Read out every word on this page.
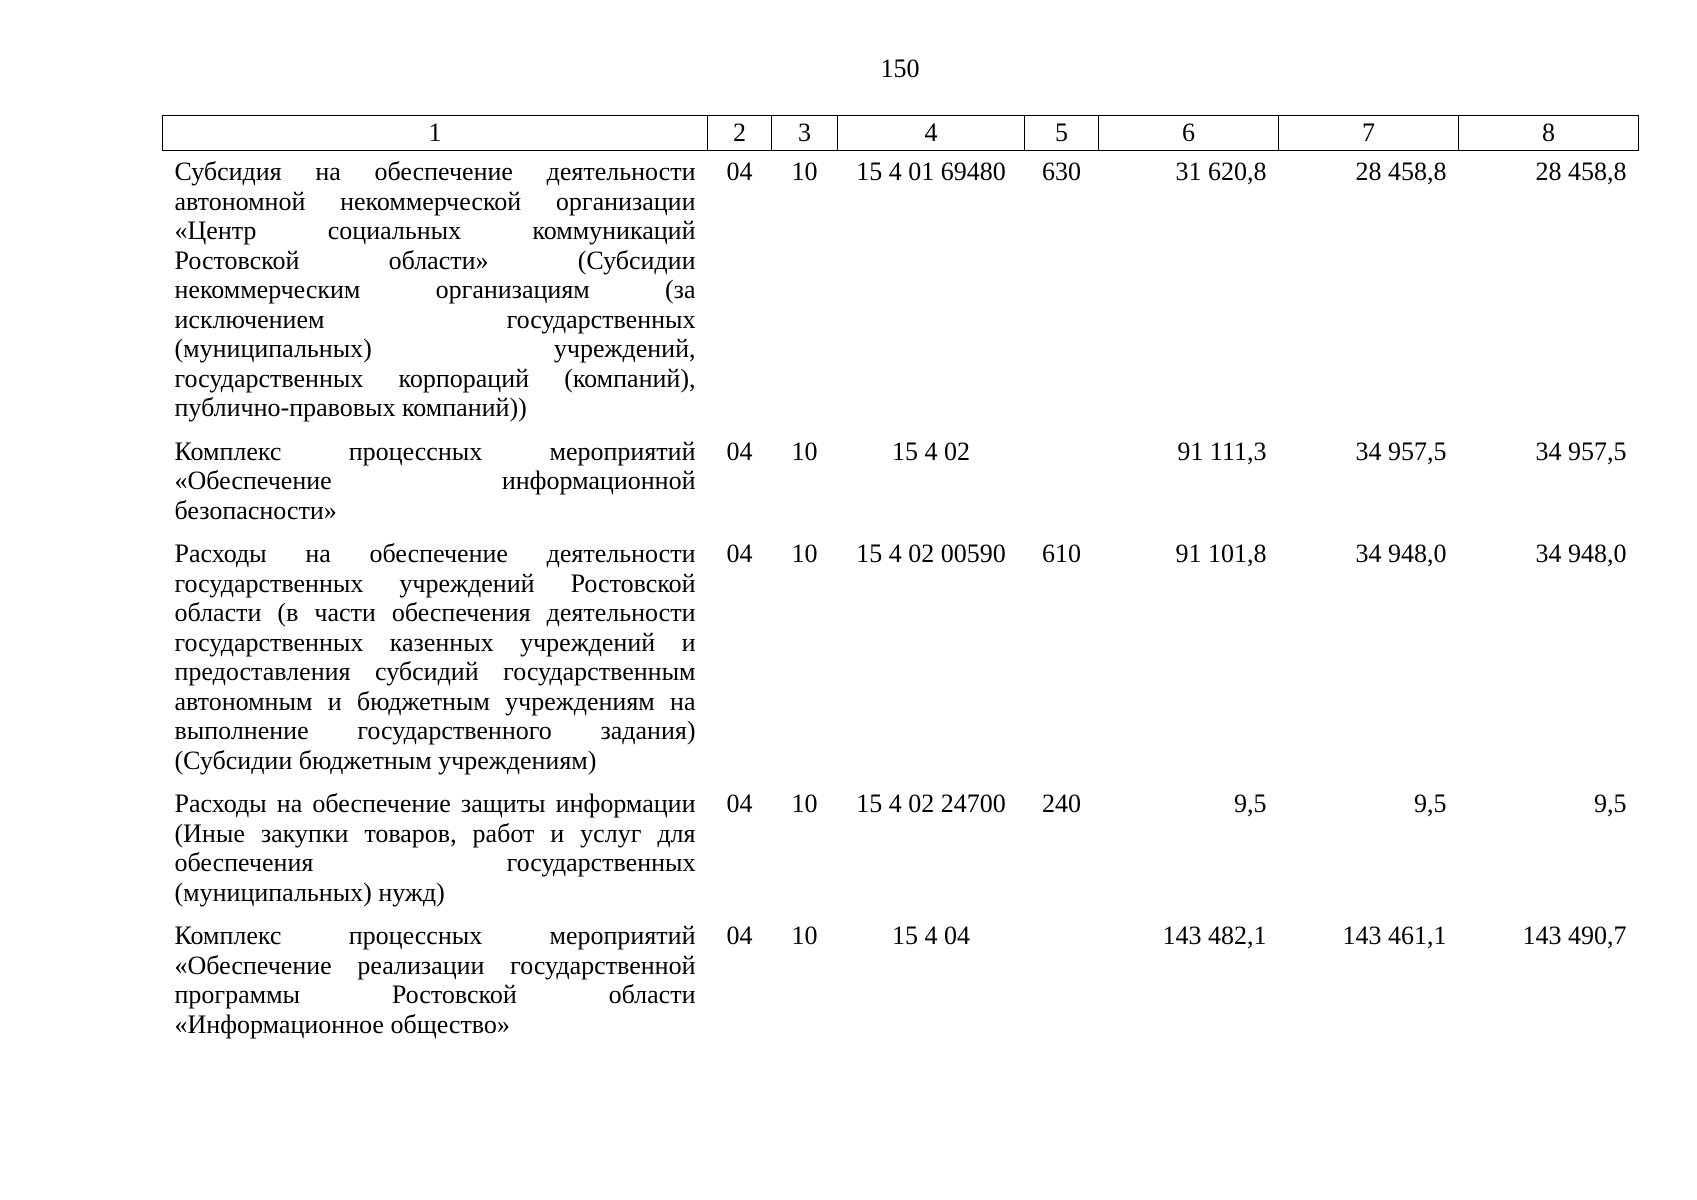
150
1	2	3	4	5	6	7	8
Субсидия на обеспечение деятельности автономной некоммерческой организации «Центр социальных коммуникаций Ростовской области» (Субсидии некоммерческим организациям (за исключением государственных (муниципальных) учреждений, государственных корпораций (компаний), публично-правовых компаний))	04	10	15 4 01 69480	630	31 620,8	28 458,8	28 458,8
Комплекс процессных мероприятий «Обеспечение информационной безопасности»	04	10	15 4 02		91 111,3	34 957,5	34 957,5
Расходы на обеспечение деятельности государственных учреждений Ростовской области (в части обеспечения деятельности государственных казенных учреждений и предоставления субсидий государственным автономным и бюджетным учреждениям на выполнение государственного задания) (Субсидии бюджетным учреждениям)	04	10	15 4 02 00590	610	91 101,8	34 948,0	34 948,0
Расходы на обеспечение защиты информации (Иные закупки товаров, работ и услуг для обеспечения государственных (муниципальных) нужд)	04	10	15 4 02 24700	240	9,5	9,5	9,5
Комплекс процессных мероприятий «Обеспечение реализации государственной программы Ростовской области «Информационное общество»	04	10	15 4 04		143 482,1	143 461,1	143 490,7
